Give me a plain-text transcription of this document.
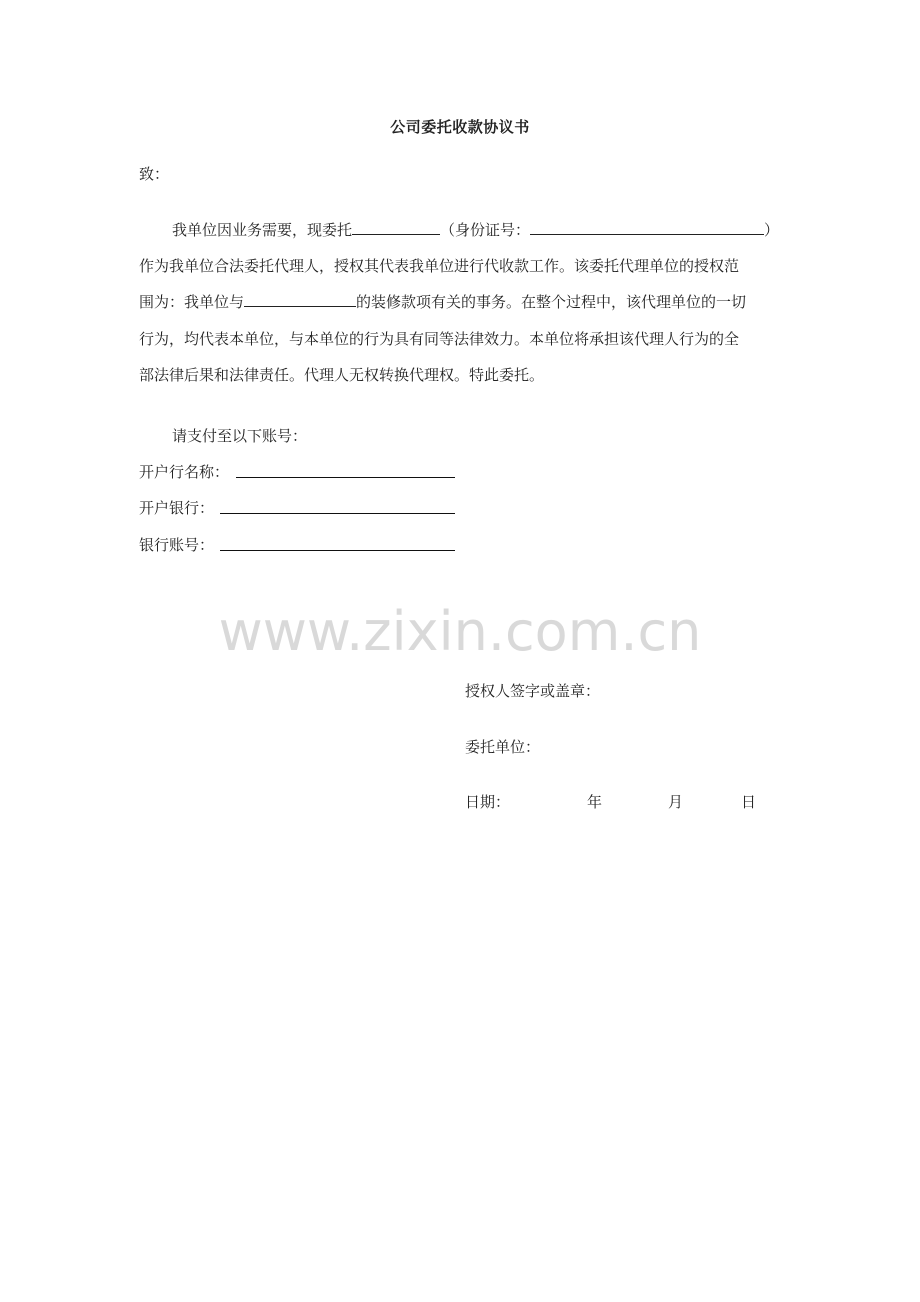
公司委托收款协议书
致：
我单位因业务需要，现委托	（身份证号：	）
作为我单位合法委托代理人，授权其代表我单位进行代收款工作。该委托代理单位的授权范
围为：我单位与	的装修款项有关的事务。在整个过程中，该代理单位的一切
行为，均代表本单位，与本单位的行为具有同等法律效力。本单位将承担该代理人行为的全
部法律后果和法律责任。代理人无权转换代理权。特此委托。
请支付至以下账号：
开户行名称：
开户银行：
银行账号：
www.zixin.com.cn
授权人签字或盖章：
委托单位：
日期：	年	月	日
